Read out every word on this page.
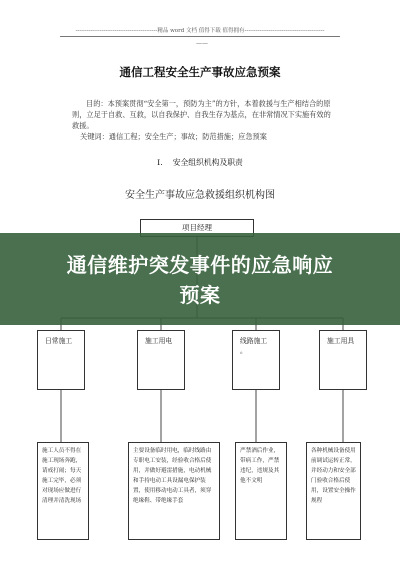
--------------------------------------------精品 word 文档 值得下载 值得拥有-------------------------------------------
——
通信工程安全生产事故应急预案

目的：本预案贯彻“安全第一，预防为主”的方针，本着救援与生产相结合的原则，立足于自救、互救，以自我保护、自我生存为基点，在非常情况下实施有效的救援。

关键词：通信工程；安全生产；事故；防范措施；应急预案
I. 安全组织机构及职责
安全生产事故应急救援组织机构图
项目经理
日常施工	施工用电	线路施工
。
施工用具
施工人员不得在施工现场奔跑，请戒打闹；每天施工完毕，必须对现场应做进行清理并清洗现场
主要设备临时用电，临时线路由专职电工安装，经验收合格后使用，并做好避雷措施，电动机械和手持电动工具设漏电保护装置，使用移动电动工具者，须穿绝缘鞋、带绝缘手套
严禁酒后作业，带病工作，严禁违纪，违规及其他不文明
各种机械设备使用前调试运转正常，并经动力和安全部门验收合格后使用，设置安全操作规程
通信维护突发事件的应急响应
预案
